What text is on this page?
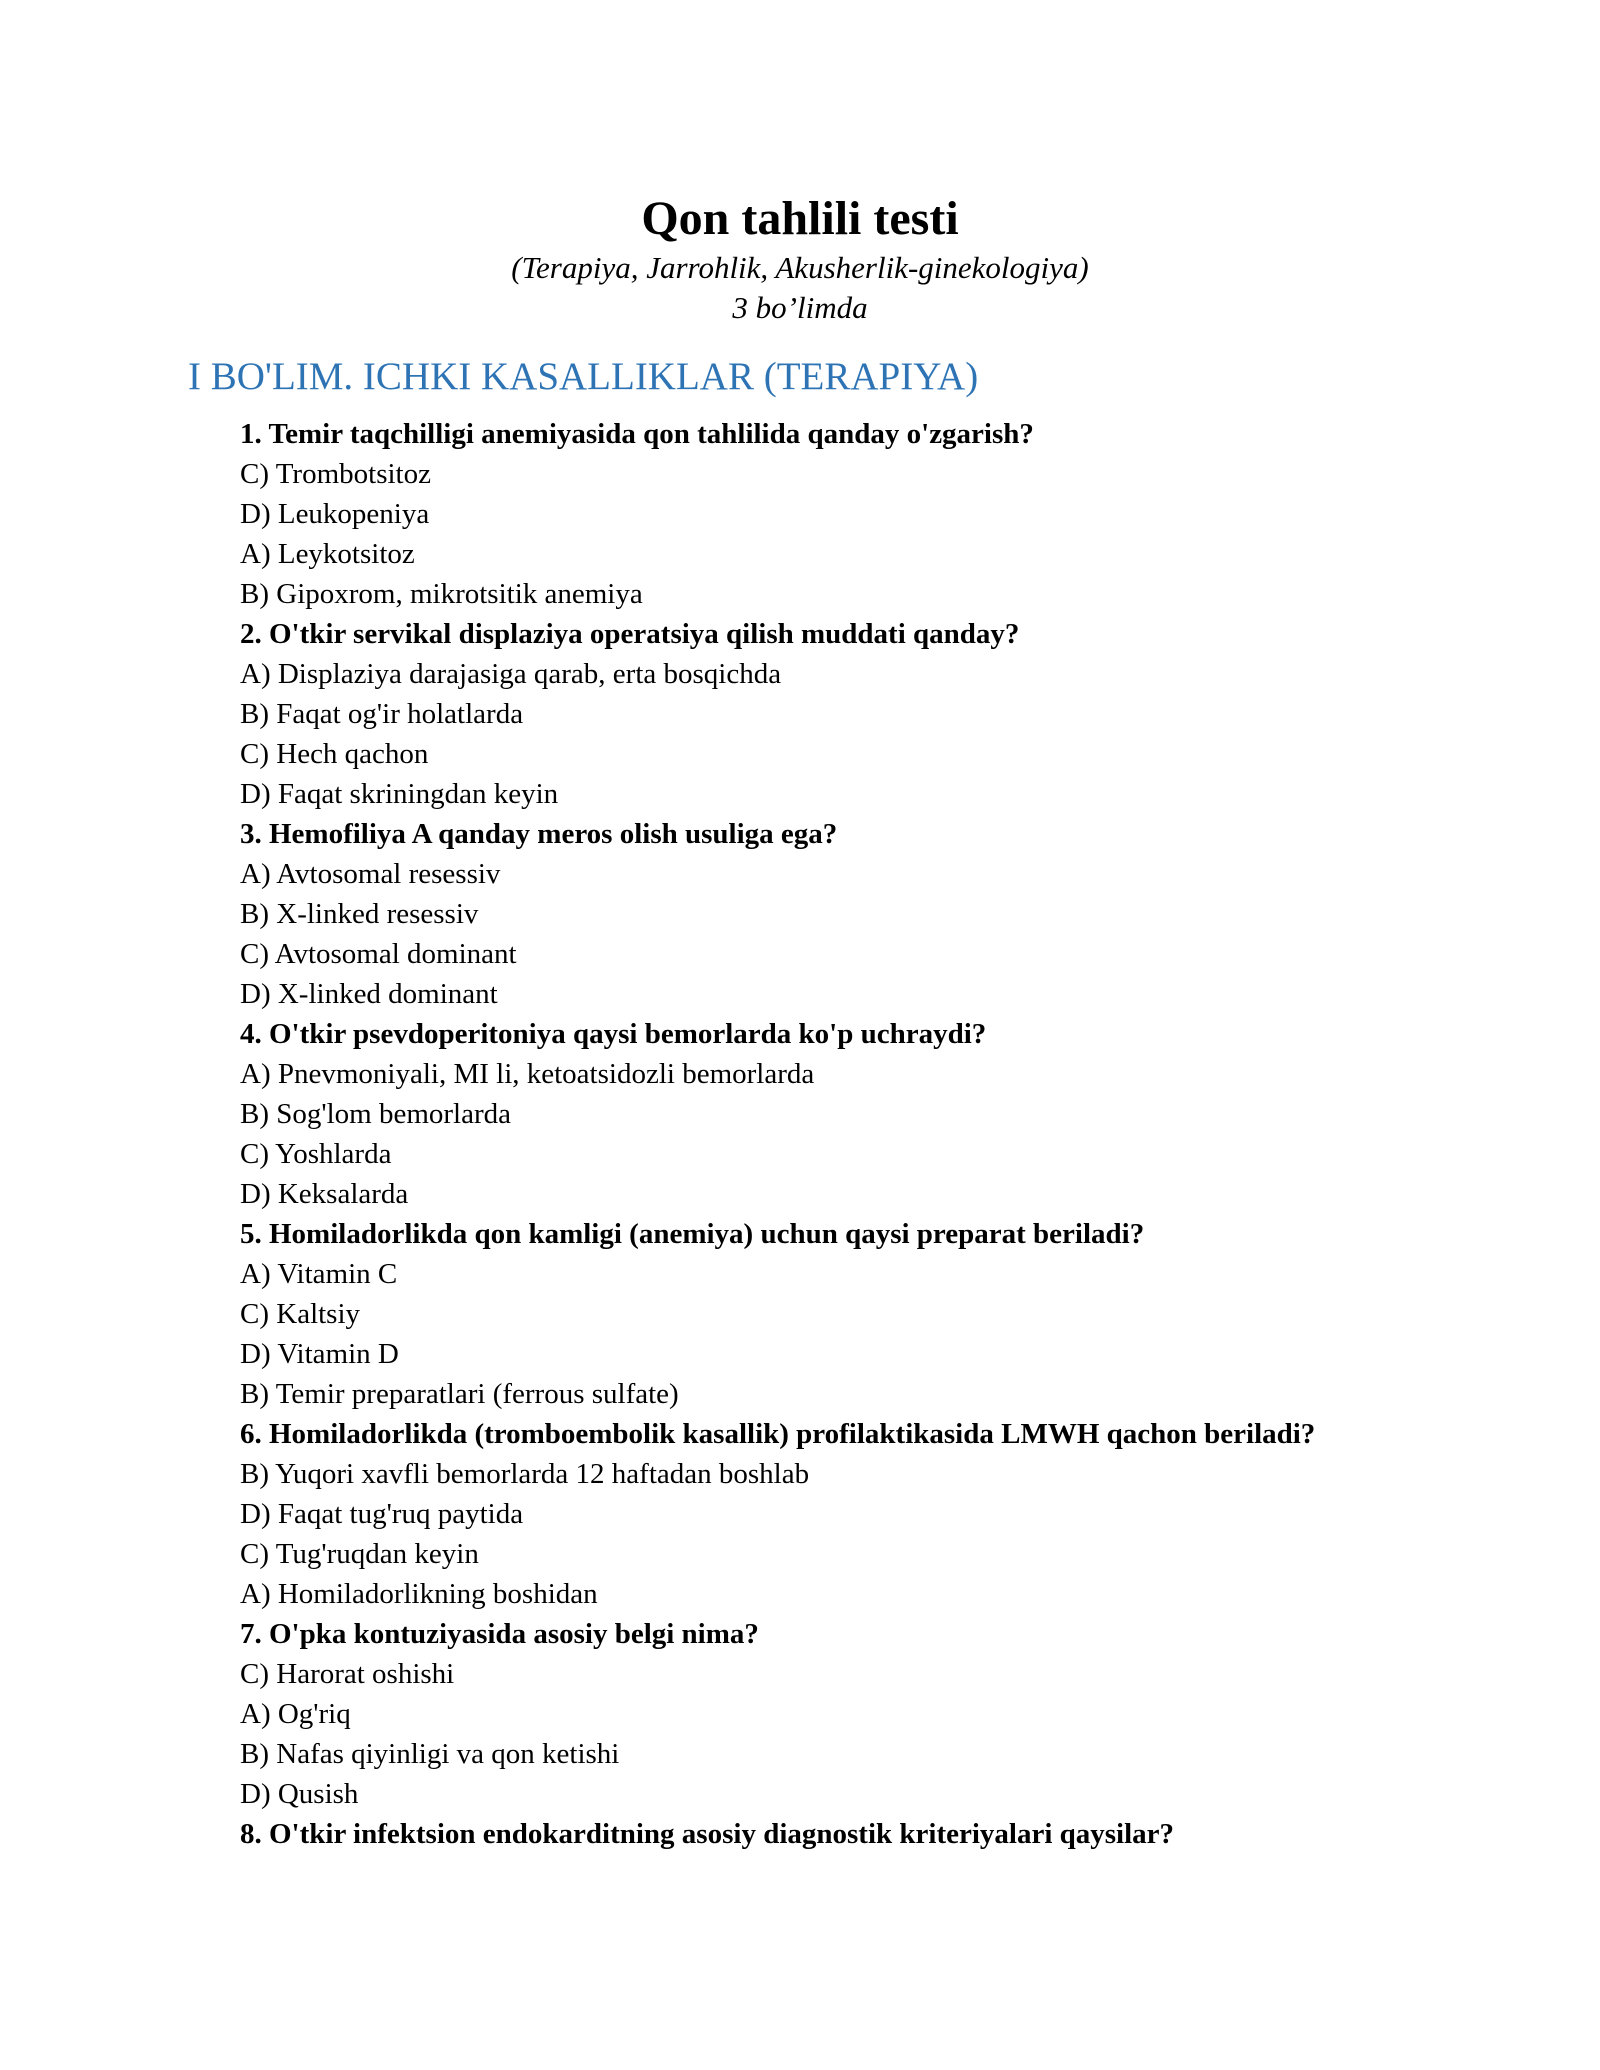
Qon tahlili testi

(Terapiya, Jarrohlik, Akusherlik-ginekologiya)

3 bo’limda

I BO'LIM. ICHKI KASALLIKLAR (TERAPIYA)
1. Temir taqchilligi anemiyasida qon tahlilida qanday o'zgarish?
C) Trombotsitoz
D) Leukopeniya
A) Leykotsitoz
B) Gipoxrom, mikrotsitik anemiya
2. O'tkir servikal displaziya operatsiya qilish muddati qanday?
A) Displaziya darajasiga qarab, erta bosqichda
B) Faqat og'ir holatlarda
C) Hech qachon
D) Faqat skriningdan keyin
3. Hemofiliya A qanday meros olish usuliga ega?
A) Avtosomal resessiv
B) X-linked resessiv
C) Avtosomal dominant
D) X-linked dominant
4. O'tkir psevdoperitoniya qaysi bemorlarda ko'p uchraydi?
A) Pnevmoniyali, MI li, ketoatsidozli bemorlarda
B) Sog'lom bemorlarda
C) Yoshlarda
D) Keksalarda
5. Homiladorlikda qon kamligi (anemiya) uchun qaysi preparat beriladi?
A) Vitamin C
C) Kaltsiy
D) Vitamin D
B) Temir preparatlari (ferrous sulfate)
6. Homiladorlikda (tromboembolik kasallik) profilaktikasida LMWH qachon beriladi?
B) Yuqori xavfli bemorlarda 12 haftadan boshlab
D) Faqat tug'ruq paytida
C) Tug'ruqdan keyin
A) Homiladorlikning boshidan
7. O'pka kontuziyasida asosiy belgi nima?
C) Harorat oshishi
A) Og'riq
B) Nafas qiyinligi va qon ketishi
D) Qusish
8. O'tkir infektsion endokarditning asosiy diagnostik kriteriyalari qaysilar?
